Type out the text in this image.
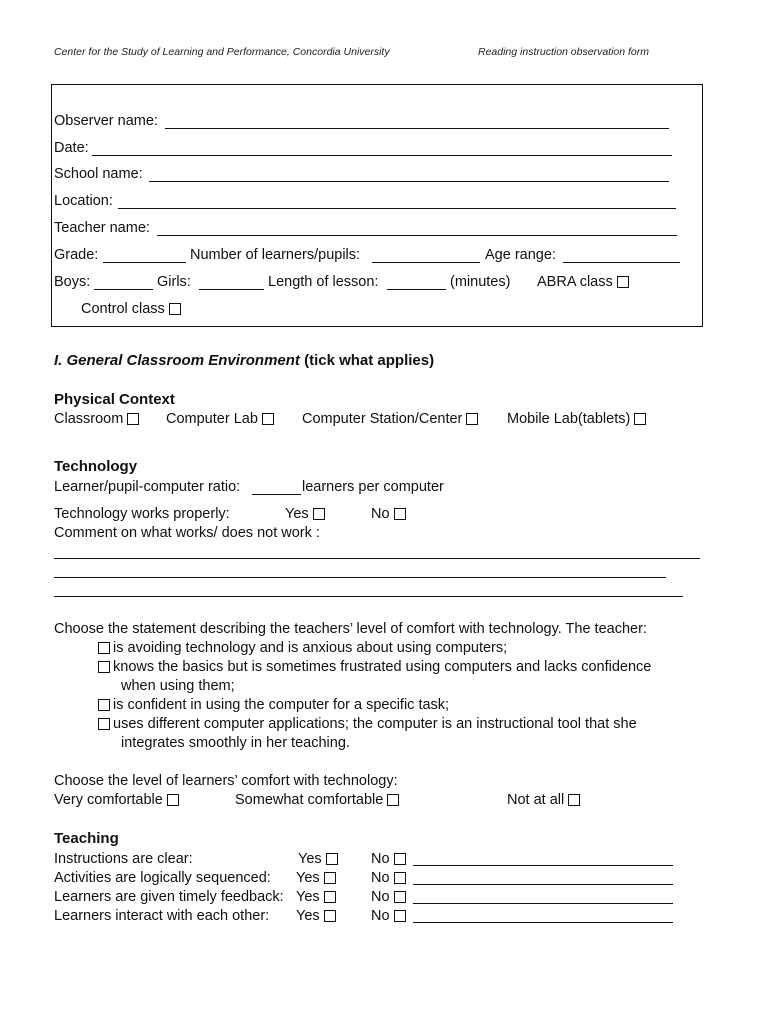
Center for the Study of Learning and Performance, Concordia University	Reading instruction observation form
Observer name:
Date:
School name:
Location:
Teacher name:
Grade:	Number of learners/pupils:	Age range:
Boys:	Girls:	Length of lesson:	(minutes) ABRA class
Control class
I. General Classroom Environment (tick what applies)
Physical Context
Classroom	Computer Lab	Computer Station/Center	Mobile Lab(tablets)
Technology
Learner/pupil-computer ratio:	learners per computer
Technology works properly:	Yes	No
Comment on what works/ does not work :
Choose the statement describing the teachers’ level of comfort with technology. The teacher:
is avoiding technology and is anxious about using computers;
knows the basics but is sometimes frustrated using computers and lacks confidence
when using them;
is confident in using the computer for a specific task;
uses different computer applications; the computer is an instructional tool that she
integrates smoothly in her teaching.
Choose the level of learners’ comfort with technology:
Very comfortable	Somewhat comfortable	Not at all
Teaching
Instructions are clear:	Yes	No
Activities are logically sequenced: Yes	No
Learners are given timely feedback: Yes	No
Learners interact with each other: Yes	No
